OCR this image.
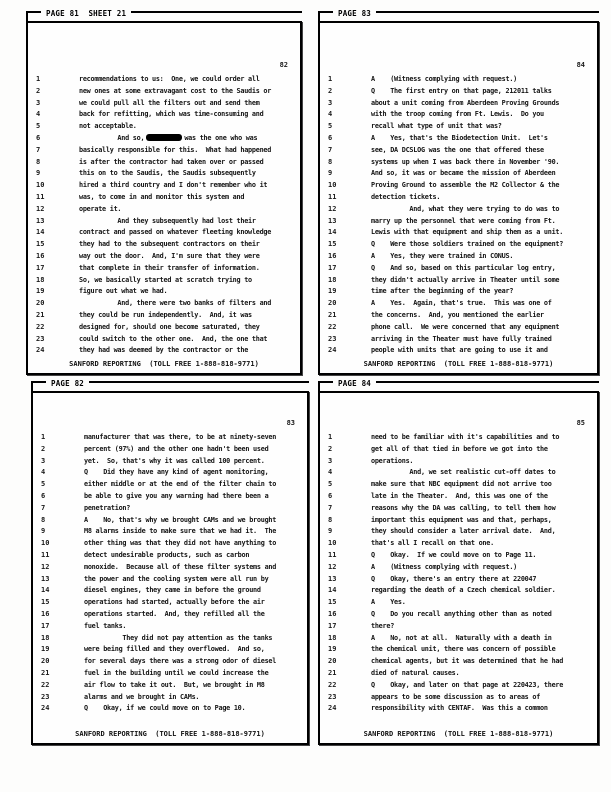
PAGE 81  SHEET 21
82
1	recommendations to us:  One, we could order all
2	new ones at some extravagant cost to the Saudis or
3	we could pull all the filters out and send them
4	back for refitting, which was time-consuming and
5	not acceptable.
6	And so,	was the one who was
7	basically responsible for this.  What had happened
8	is after the contractor had taken over or passed
9	this on to the Saudis, the Saudis subsequently
10	hired a third country and I don't remember who it
11	was, to come in and monitor this system and
12	operate it.
13	And they subsequently had lost their
14	contract and passed on whatever fleeting knowledge
15	they had to the subsequent contractors on their
16	way out the door.  And, I'm sure that they were
17	that complete in their transfer of information.
18	So, we basically started at scratch trying to
19	figure out what we had.
20	And, there were two banks of filters and
21	they could be run independently.  And, it was
22	designed for, should one become saturated, they
23	could switch to the other one.  And, the one that
24	they had was deemed by the contractor or the
SANFORD REPORTING  (TOLL FREE 1-888-818-9771)
PAGE 83
84
1	A    (Witness complying with request.)
2	Q    The first entry on that page, 212011 talks
3	about a unit coming from Aberdeen Proving Grounds
4	with the troop coming from Ft. Lewis.  Do you
5	recall what type of unit that was?
6	A    Yes, that's the Biodetection Unit.  Let's
7	see, DA DCSLOG was the one that offered these
8	systems up when I was back there in November '90.
9	And so, it was or became the mission of Aberdeen
10	Proving Ground to assemble the M2 Collector & the
11	detection tickets.
12	And, what they were trying to do was to
13	marry up the personnel that were coming from Ft.
14	Lewis with that equipment and ship them as a unit.
15	Q    Were those soldiers trained on the equipment?
16	A    Yes, they were trained in CONUS.
17	Q    And so, based on this particular log entry,
18	they didn't actually arrive in Theater until some
19	time after the beginning of the year?
20	A    Yes.  Again, that's true.  This was one of
21	the concerns.  And, you mentioned the earlier
22	phone call.  We were concerned that any equipment
23	arriving in the Theater must have fully trained
24	people with units that are going to use it and
SANFORD REPORTING  (TOLL FREE 1-888-818-9771)
PAGE 82
83
1	manufacturer that was there, to be at ninety-seven
2	percent (97%) and the other one hadn't been used
3	yet.  So, that's why it was called 100 percent.
4	Q    Did they have any kind of agent monitoring,
5	either middle or at the end of the filter chain to
6	be able to give you any warning had there been a
7	penetration?
8	A    No, that's why we brought CAMs and we brought
9	M8 alarms inside to make sure that we had it.  The
10	other thing was that they did not have anything to
11	detect undesirable products, such as carbon
12	monoxide.  Because all of these filter systems and
13	the power and the cooling system were all run by
14	diesel engines, they came in before the ground
15	operations had started, actually before the air
16	operations started.  And, they refilled all the
17	fuel tanks.
18	They did not pay attention as the tanks
19	were being filled and they overflowed.  And so,
20	for several days there was a strong odor of diesel
21	fuel in the building until we could increase the
22	air flow to take it out.  But, we brought in M8
23	alarms and we brought in CAMs.
24	Q    Okay, if we could move on to Page 10.
SANFORD REPORTING  (TOLL FREE 1-888-818-9771)
PAGE 84
85
1	need to be familiar with it's capabilities and to
2	get all of that tied in before we got into the
3	operations.
4	And, we set realistic cut-off dates to
5	make sure that NBC equipment did not arrive too
6	late in the Theater.  And, this was one of the
7	reasons why the DA was calling, to tell them how
8	important this equipment was and that, perhaps,
9	they should consider a later arrival date.  And,
10	that's all I recall on that one.
11	Q    Okay.  If we could move on to Page 11.
12	A    (Witness complying with request.)
13	Q    Okay, there's an entry there at 220047
14	regarding the death of a Czech chemical soldier.
15	A    Yes.
16	Q    Do you recall anything other than as noted
17	there?
18	A    No, not at all.  Naturally with a death in
19	the chemical unit, there was concern of possible
20	chemical agents, but it was determined that he had
21	died of natural causes.
22	Q    Okay, and later on that page at 220423, there
23	appears to be some discussion as to areas of
24	responsibility with CENTAF.  Was this a common
SANFORD REPORTING  (TOLL FREE 1-888-818-9771)
